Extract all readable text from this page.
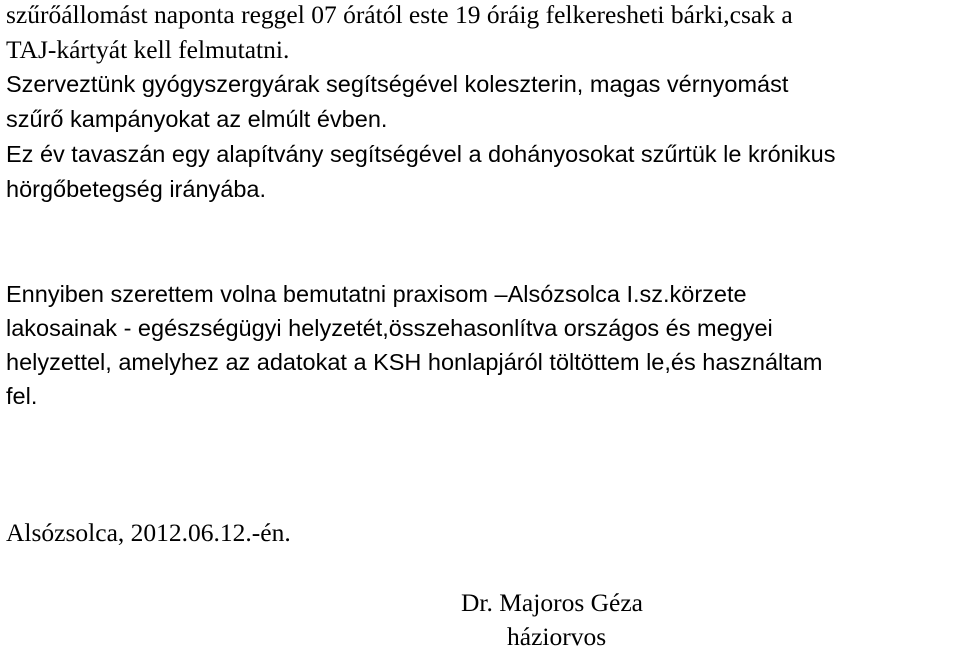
szűrőállomást naponta reggel 07 órától este 19 óráig felkeresheti bárki,csak a
TAJ-kártyát kell felmutatni.
Szerveztünk gyógyszergyárak segítségével koleszterin, magas vérnyomást
szűrő kampányokat az elmúlt évben.
Ez év tavaszán egy alapítvány segítségével a dohányosokat szűrtük le krónikus
hörgőbetegség irányába.
Ennyiben szerettem volna bemutatni praxisom –Alsózsolca I.sz.körzete
lakosainak - egészségügyi helyzetét,összehasonlítva országos és megyei
helyzettel, amelyhez az adatokat a KSH honlapjáról töltöttem le,és használtam
fel.
Alsózsolca, 2012.06.12.-én.
Dr. Majoros Géza
háziorvos
